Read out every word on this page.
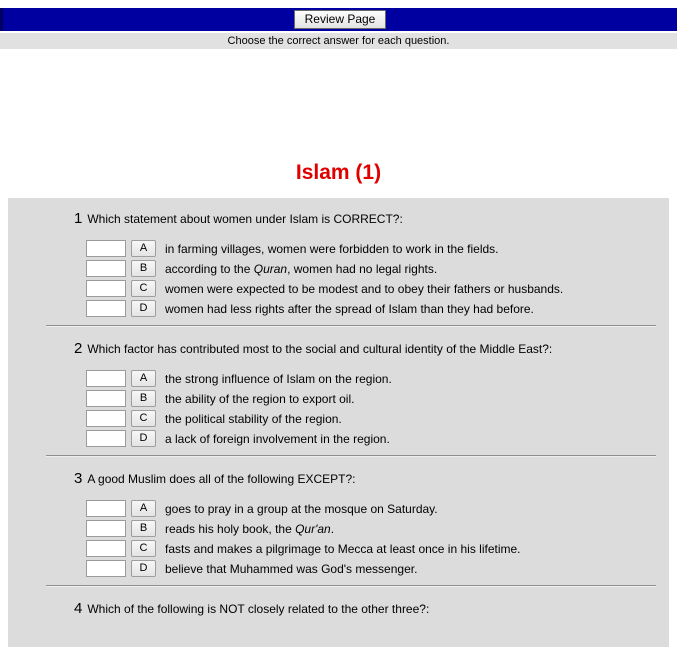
Review Page
Choose the correct answer for each question.
Islam (1)
1 Which statement about women under Islam is CORRECT?:
A	in farming villages, women were forbidden to work in the fields.
B	according to the Quran, women had no legal rights.
C	women were expected to be modest and to obey their fathers or husbands.
D	women had less rights after the spread of Islam than they had before.
2 Which factor has contributed most to the social and cultural identity of the Middle East?:
A	the strong influence of Islam on the region.
B	the ability of the region to export oil.
C	the political stability of the region.
D	a lack of foreign involvement in the region.
3 A good Muslim does all of the following EXCEPT?:
A	goes to pray in a group at the mosque on Saturday.
B	reads his holy book, the Qur'an.
C	fasts and makes a pilgrimage to Mecca at least once in his lifetime.
D	believe that Muhammed was God's messenger.
4 Which of the following is NOT closely related to the other three?:
